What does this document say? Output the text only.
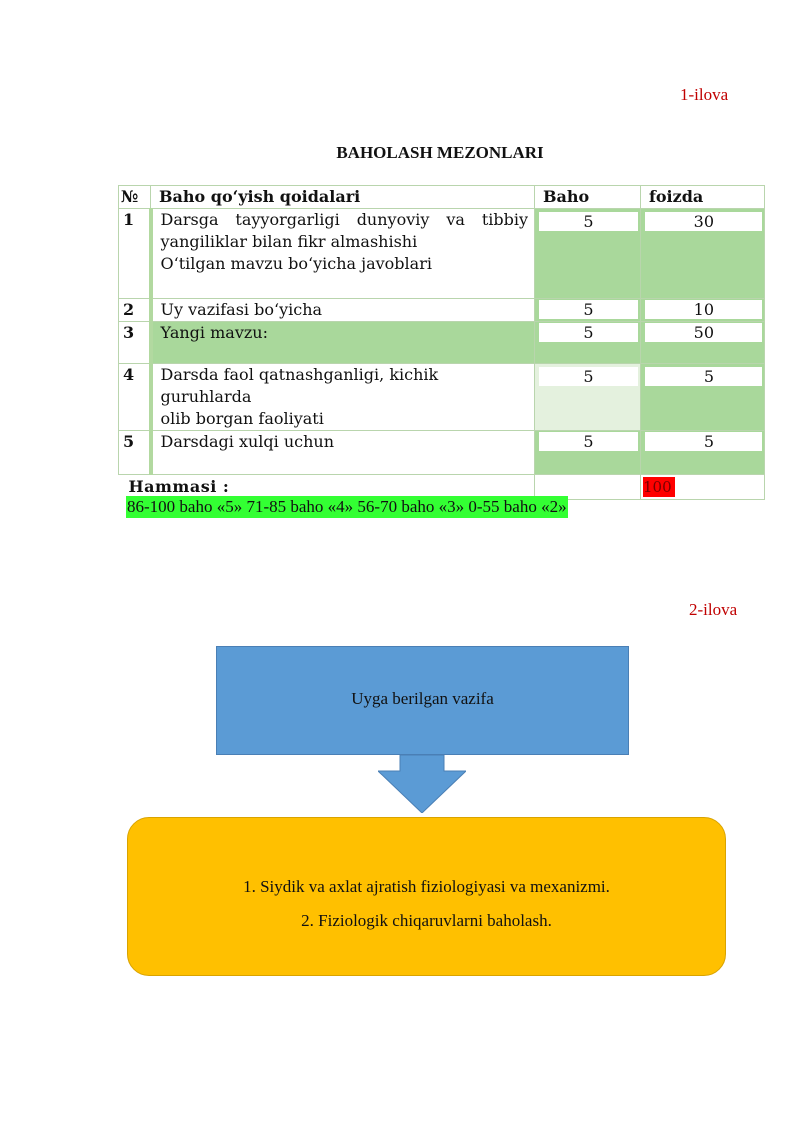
1-ilova
BAHOLASH MEZONLARI
№	Baho qo‘yish qoidalari	Baho	foizda
1	Darsga tayyorgarligi dunyoviy va tibbiy
yangiliklar bilan fikr almashishi
O‘tilgan mavzu bo‘yicha javoblari	5	30

2	Uy vazifasi bo‘yicha	5	10

3	Yangi mavzu:	5	50

4	Darsda faol qatnashganligi, kichik guruhlarda
olib borgan faoliyati	5	5

5	Darsdagi xulqi uchun	5	5

Hammasi :			100
86-100 baho «5» 71-85 baho «4» 56-70 baho «3» 0-55 baho «2»
2-ilova
Uyga berilgan vazifa
1. Siydik va axlat ajratish fiziologiyasi va mexanizmi.
2. Fiziologik chiqaruvlarni baholash.
